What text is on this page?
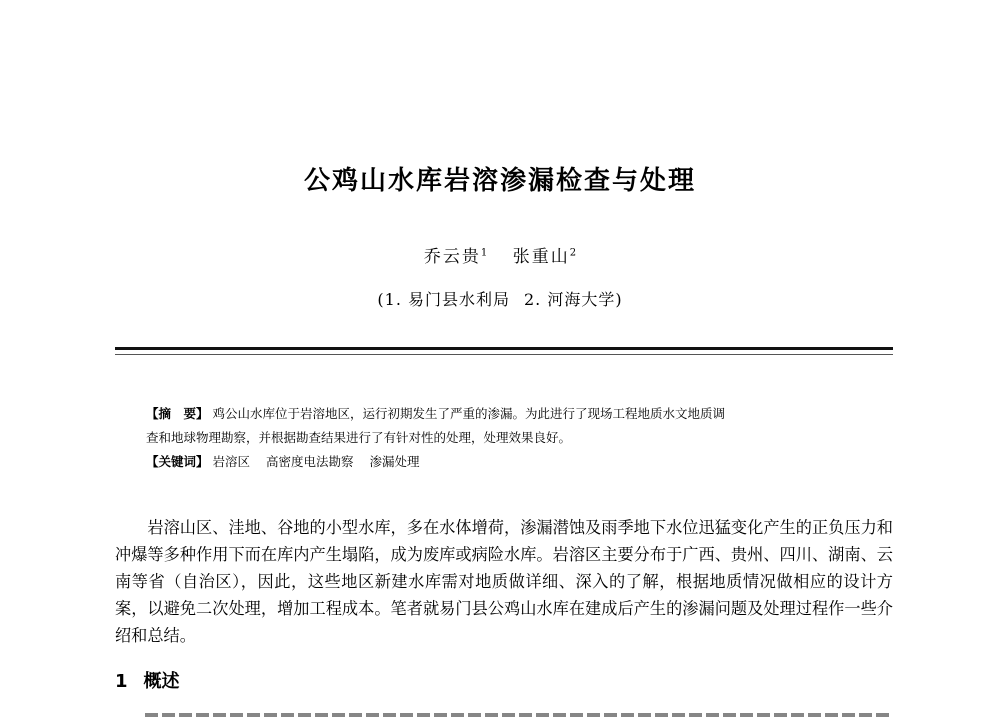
公鸡山水库岩溶渗漏检查与处理
乔云贵$^1$ 张重山$^2$
(1. 易门县水利局 2. 河海大学)

【摘　要】 鸡公山水库位于岩溶地区，运行初期发生了严重的渗漏。为此进行了现场工程地质水文地质调

查和地球物理勘察，并根据勘查结果进行了有针对性的处理，处理效果良好。

【关键词】 岩溶区 高密度电法勘察 渗漏处理

岩溶山区、洼地、谷地的小型水库，多在水体增荷，渗漏潜蚀及雨季地下水位迅猛变化产生的正负压力和冲爆等多种作用下而在库内产生塌陷，成为废库或病险水库。岩溶区主要分布于广西、贵州、四川、湖南、云南等省（自治区），因此，这些地区新建水库需对地质做详细、深入的了解，根据地质情况做相应的设计方案，以避免二次处理，增加工程成本。笔者就易门县公鸡山水库在建成后产生的渗漏问题及处理过程作一些介绍和总结。

1 概述
